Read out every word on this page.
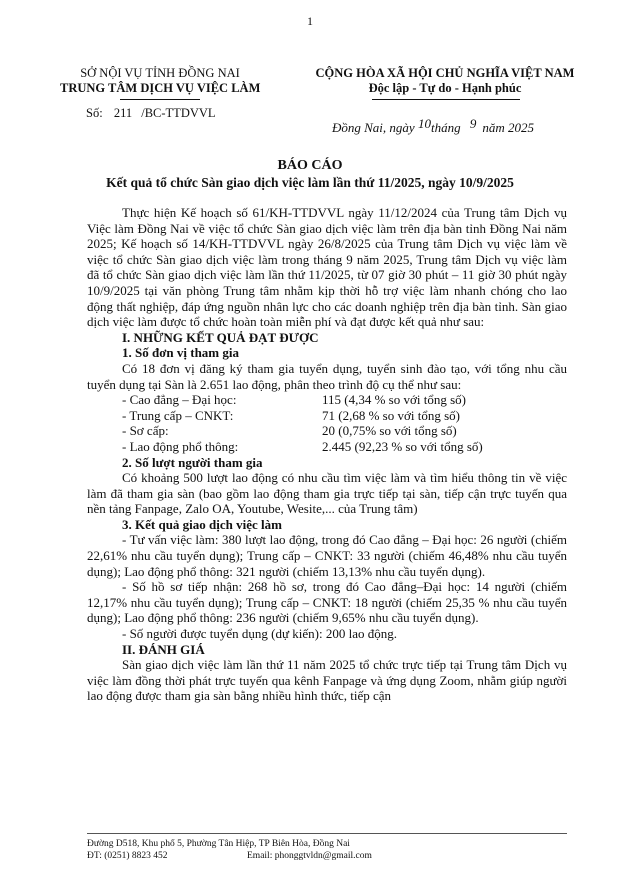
1
SỞ NỘI VỤ TỈNH ĐỒNG NAI
TRUNG TÂM DỊCH VỤ VIỆC LÀM
Số: 211 /BC-TTDVVL
CỘNG HÒA XÃ HỘI CHỦ NGHĨA VIỆT NAM
Độc lập - Tự do - Hạnh phúc
Đồng Nai, ngày 10tháng 9 năm 2025
BÁO CÁO
Kết quả tổ chức Sàn giao dịch việc làm lần thứ 11/2025, ngày 10/9/2025

Thực hiện Kế hoạch số 61/KH-TTDVVL ngày 11/12/2024 của Trung tâm Dịch vụ Việc làm Đồng Nai về việc tổ chức Sàn giao dịch việc làm trên địa bàn tỉnh Đồng Nai năm 2025; Kế hoạch số 14/KH-TTDVVL ngày 26/8/2025 của Trung tâm Dịch vụ việc làm về việc tổ chức Sàn giao dịch việc làm trong tháng 9 năm 2025, Trung tâm Dịch vụ việc làm đã tổ chức Sàn giao dịch việc làm lần thứ 11/2025, từ 07 giờ 30 phút – 11 giờ 30 phút ngày 10/9/2025 tại văn phòng Trung tâm nhằm kịp thời hỗ trợ việc làm nhanh chóng cho lao động thất nghiệp, đáp ứng nguồn nhân lực cho các doanh nghiệp trên địa bàn tỉnh. Sàn giao dịch việc làm được tổ chức hoàn toàn miễn phí và đạt được kết quả như sau:

I. NHỮNG KẾT QUẢ ĐẠT ĐƯỢC

1. Số đơn vị tham gia

Có 18 đơn vị đăng ký tham gia tuyển dụng, tuyển sinh đào tạo, với tổng nhu cầu tuyển dụng tại Sàn là 2.651 lao động, phân theo trình độ cụ thể như sau:

- Cao đẳng – Đại học:	115 (4,34 % so với tổng số)
- Trung cấp – CNKT:	71 (2,68 % so với tổng số)
- Sơ cấp:	20 (0,75% so với tổng số)
- Lao động phổ thông:	2.445 (92,23 % so với tổng số)

2. Số lượt người tham gia

Có khoảng 500 lượt lao động có nhu cầu tìm việc làm và tìm hiểu thông tin về việc làm đã tham gia sàn (bao gồm lao động tham gia trực tiếp tại sàn, tiếp cận trực tuyến qua nền tảng Fanpage, Zalo OA, Youtube, Wesite,... của Trung tâm)

3. Kết quả giao dịch việc làm

- Tư vấn việc làm: 380 lượt lao động, trong đó Cao đẳng – Đại học: 26 người (chiếm 22,61% nhu cầu tuyển dụng); Trung cấp – CNKT: 33 người (chiếm 46,48% nhu cầu tuyển dụng); Lao động phổ thông: 321 người (chiếm 13,13% nhu cầu tuyển dụng).

- Số hồ sơ tiếp nhận: 268 hồ sơ, trong đó Cao đẳng–Đại học: 14 người (chiếm 12,17% nhu cầu tuyển dụng); Trung cấp – CNKT: 18 người (chiếm 25,35 % nhu cầu tuyển dụng); Lao động phổ thông: 236 người (chiếm 9,65% nhu cầu tuyển dụng).

- Số người được tuyển dụng (dự kiến): 200 lao động.

II. ĐÁNH GIÁ

Sàn giao dịch việc làm lần thứ 11 năm 2025 tổ chức trực tiếp tại Trung tâm Dịch vụ việc làm đồng thời phát trực tuyến qua kênh Fanpage và ứng dụng Zoom, nhằm giúp người lao động được tham gia sàn bằng nhiều hình thức, tiếp cận

Đường D518, Khu phố 5, Phường Tân Hiệp, TP Biên Hòa, Đồng Nai
ĐT: (0251) 8823 452	Email: phonggtvldn@gmail.com
